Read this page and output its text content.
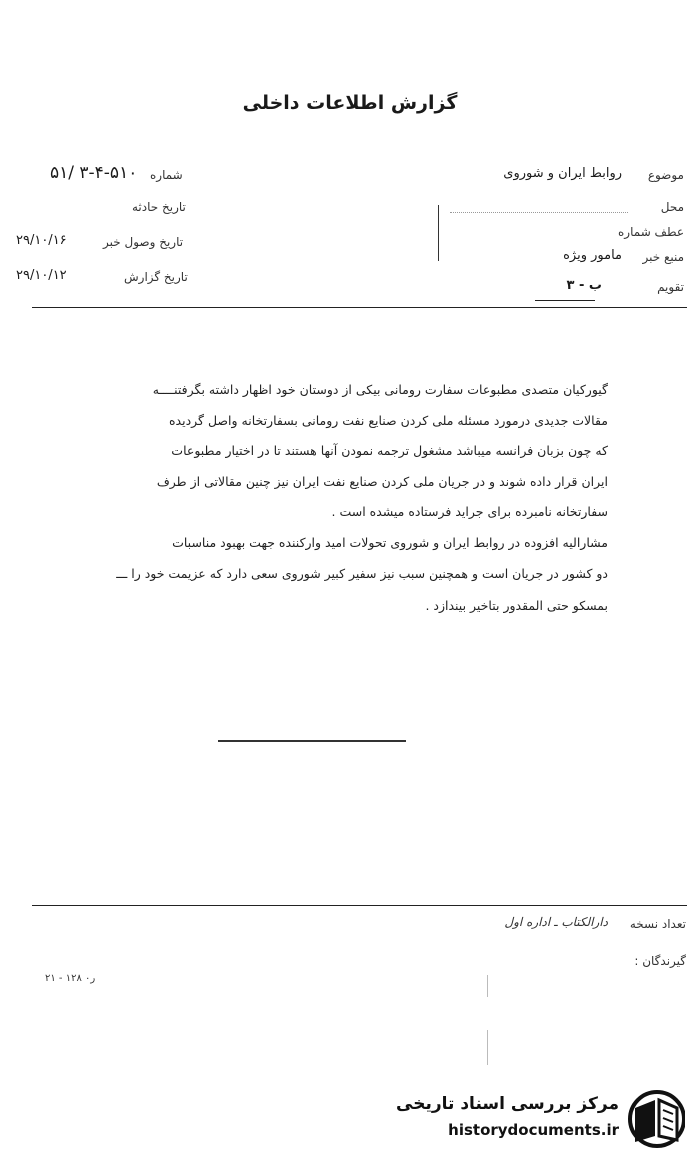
گزارش اطلاعات داخلی
شماره
۳-۴-۵۱۰ /۵۱
تاریخ حادثه
تاریخ وصول خبر
۲۹/۱۰/۱۶
تاریخ گزارش
۲۹/۱۰/۱۲
موضوع
روابط ایران و شوروی
محل
عطف شماره
منبع خبر
مامور ویژه
تقویم
ب - ۳
گیورکیان متصدی مطبوعات سفارت رومانی بیکی از دوستان خود اظهار داشته بگرفتنــــه
مقالات جدیدی درمورد مسئله ملی کردن صنایع نفت رومانی بسفارتخانه واصل گردیده
که چون بزبان فرانسه میباشد مشغول ترجمه نمودن آنها هستند تا در اختیار مطبوعات
ایران قرار داده شوند و در جریان ملی کردن صنایع نفت ایران نیز چنین مقالاتی از طرف
سفارتخانه نامبرده برای جراید فرستاده میشده است .
مشارالیه افزوده در روابط ایران و شوروی تحولات امید وارکننده جهت بهبود مناسبات
دو کشور در جریان است و همچنین سبب نیز سفیر کبیر شوروی سعی دارد که عزیمت خود را ـــ
بمسکو حتی المقدور بتاخیر بیندازد .
تعداد نسخه
دارالکتاب ـ اداره اول
گیرندگان :
۲۱ - ۱۲۸ ر٠
مرکز بررسی اسناد تاریخی
historydocuments.ir
